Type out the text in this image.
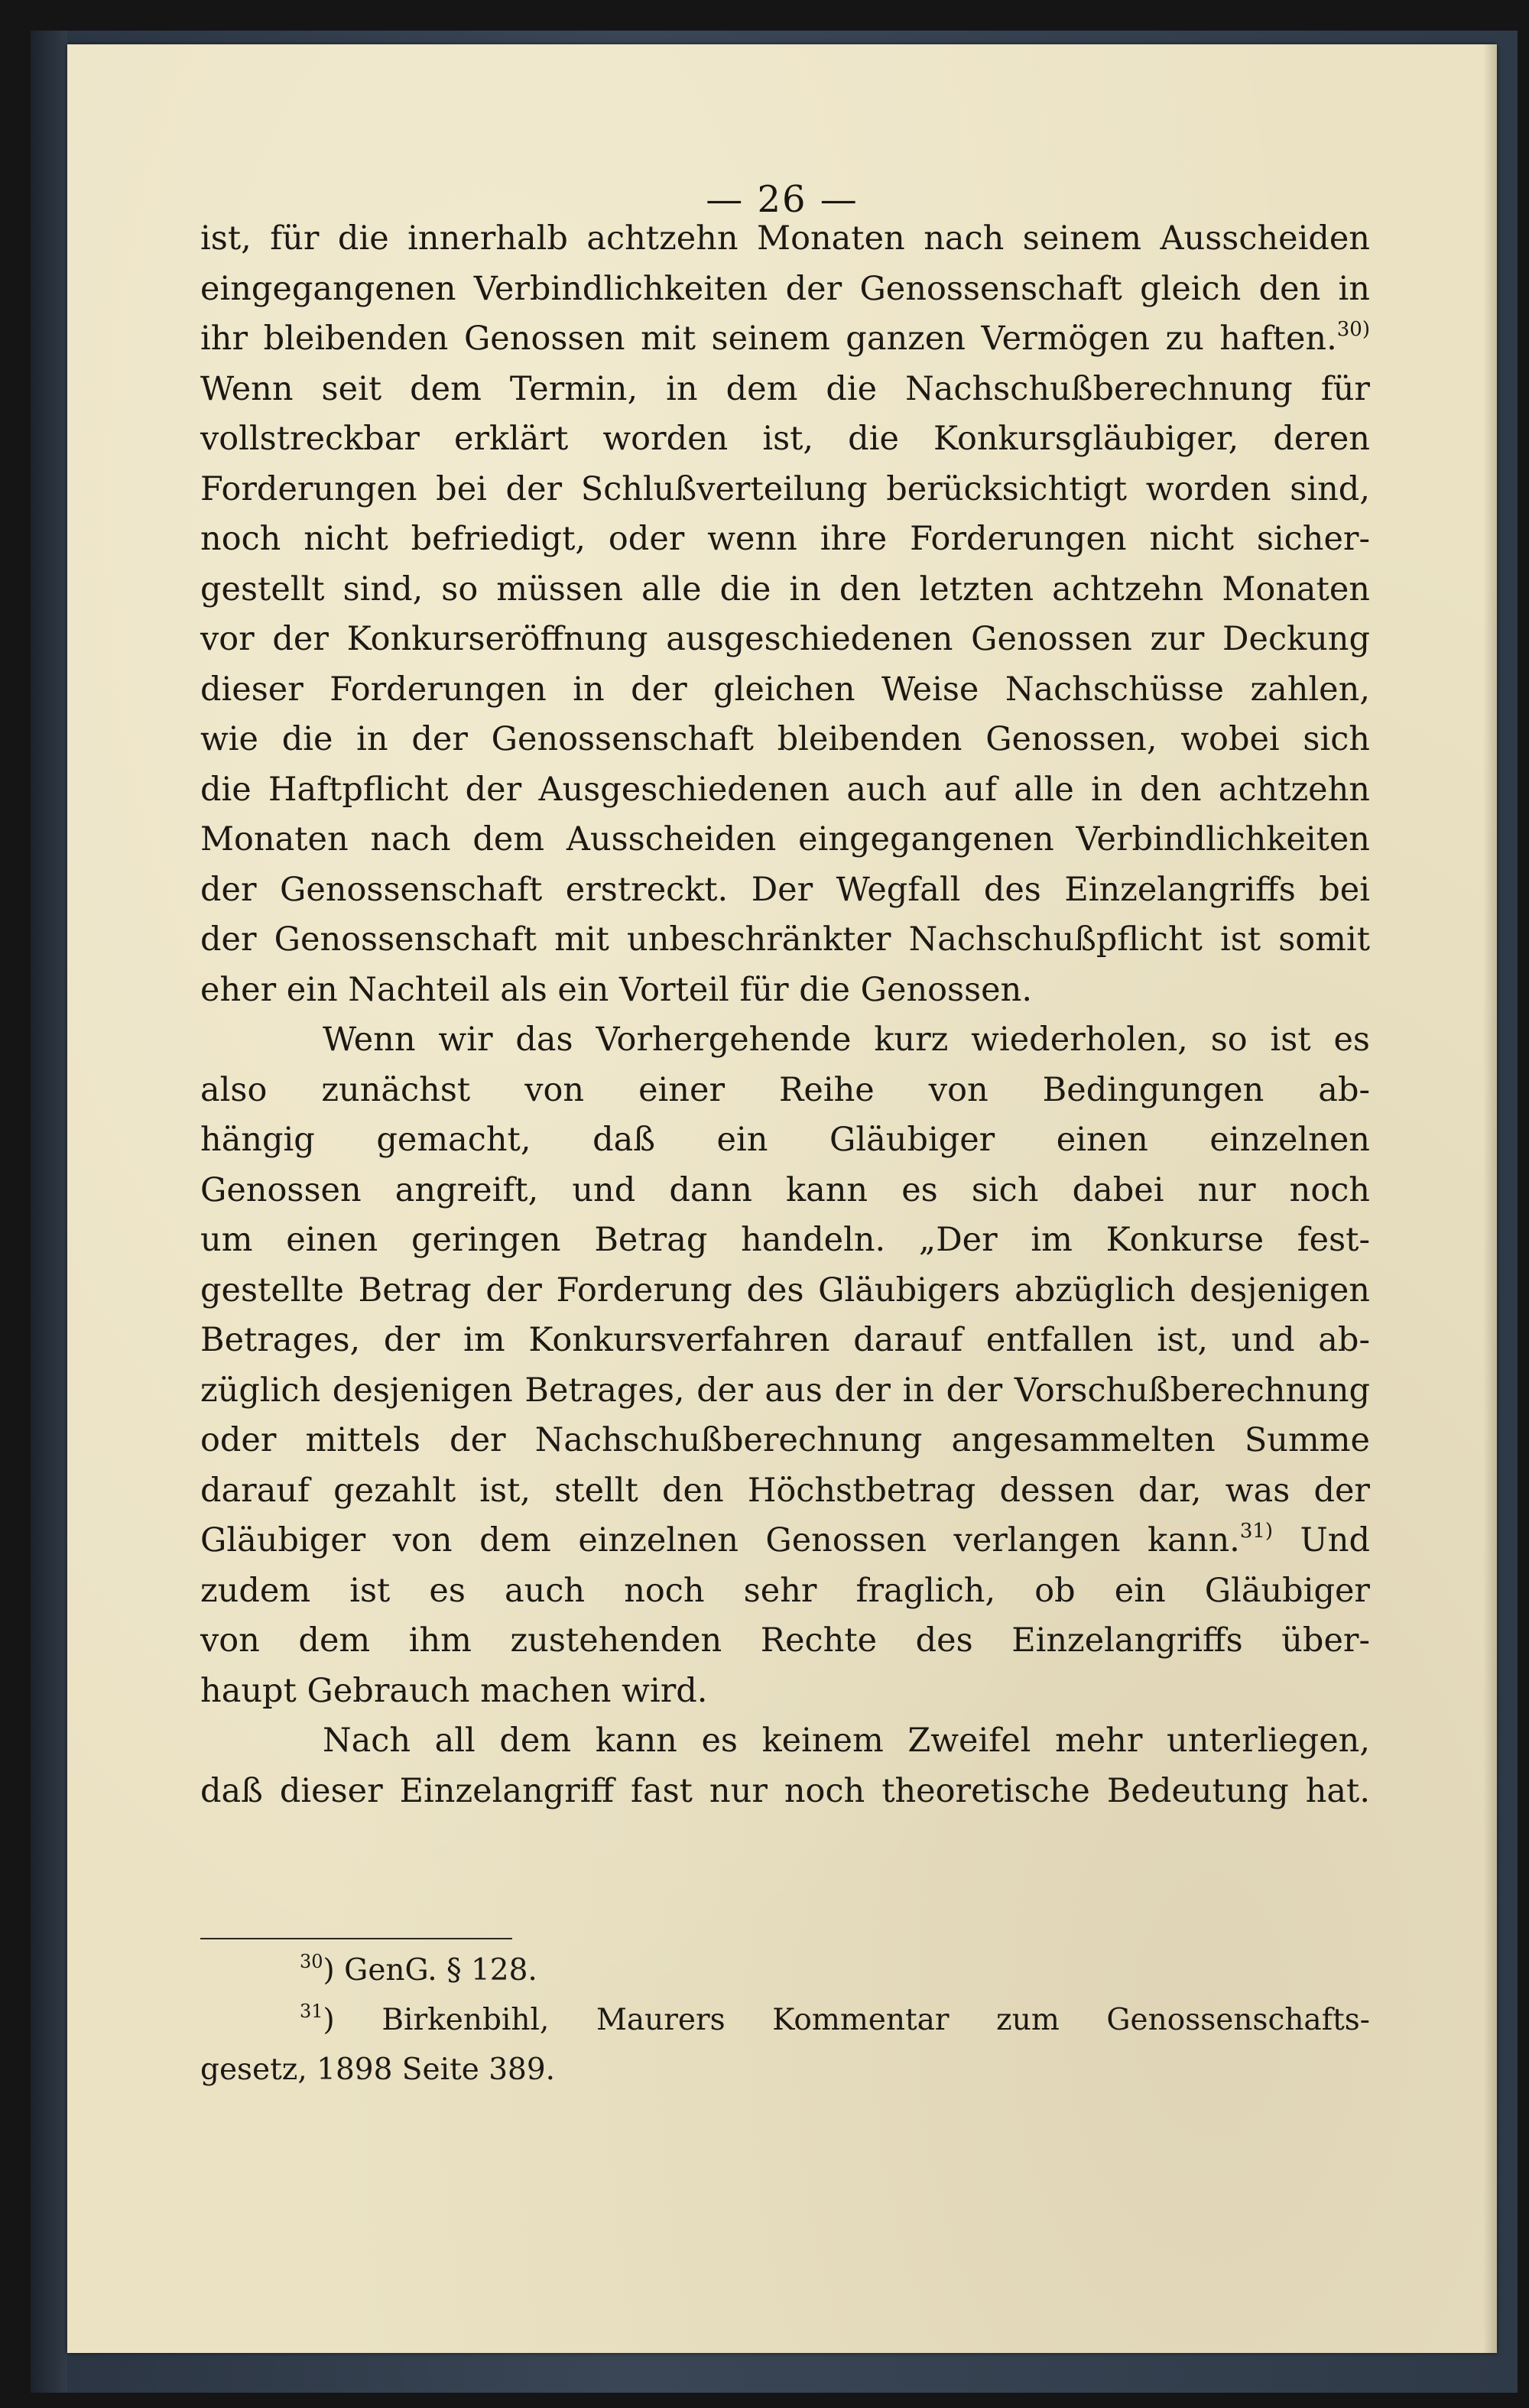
— 26 —
ist, für die innerhalb achtzehn Monaten nach seinem Ausscheiden
eingegangenen Verbindlichkeiten der Genossenschaft gleich den in
ihr bleibenden Genossen mit seinem ganzen Vermögen zu haften.$^{30)}$
Wenn seit dem Termin, in dem die Nachschußberechnung für
vollstreckbar erklärt worden ist, die Konkursgläubiger, deren
Forderungen bei der Schlußverteilung berücksichtigt worden sind,
noch nicht befriedigt, oder wenn ihre Forderungen nicht sicher-
gestellt sind, so müssen alle die in den letzten achtzehn Monaten
vor der Konkurseröffnung ausgeschiedenen Genossen zur Deckung
dieser Forderungen in der gleichen Weise Nachschüsse zahlen,
wie die in der Genossenschaft bleibenden Genossen, wobei sich
die Haftpflicht der Ausgeschiedenen auch auf alle in den achtzehn
Monaten nach dem Ausscheiden eingegangenen Verbindlichkeiten
der Genossenschaft erstreckt. Der Wegfall des Einzelangriffs bei
der Genossenschaft mit unbeschränkter Nachschußpflicht ist somit
eher ein Nachteil als ein Vorteil für die Genossen.
Wenn wir das Vorhergehende kurz wiederholen, so ist es
also zunächst von einer Reihe von Bedingungen ab-
hängig gemacht, daß ein Gläubiger einen einzelnen
Genossen angreift, und dann kann es sich dabei nur noch
um einen geringen Betrag handeln. „Der im Konkurse fest-
gestellte Betrag der Forderung des Gläubigers abzüglich desjenigen
Betrages, der im Konkursverfahren darauf entfallen ist, und ab-
züglich desjenigen Betrages, der aus der in der Vorschußberechnung
oder mittels der Nachschußberechnung angesammelten Summe
darauf gezahlt ist, stellt den Höchstbetrag dessen dar, was der
Gläubiger von dem einzelnen Genossen verlangen kann.$^{31)}$ Und
zudem ist es auch noch sehr fraglich, ob ein Gläubiger
von dem ihm zustehenden Rechte des Einzelangriffs über-
haupt Gebrauch machen wird.
Nach all dem kann es keinem Zweifel mehr unterliegen,
daß dieser Einzelangriff fast nur noch theoretische Bedeutung hat.
$^{30}$) GenG. § 128.
$^{31}$) Birkenbihl, Maurers Kommentar zum Genossenschafts-
gesetz, 1898 Seite 389.
